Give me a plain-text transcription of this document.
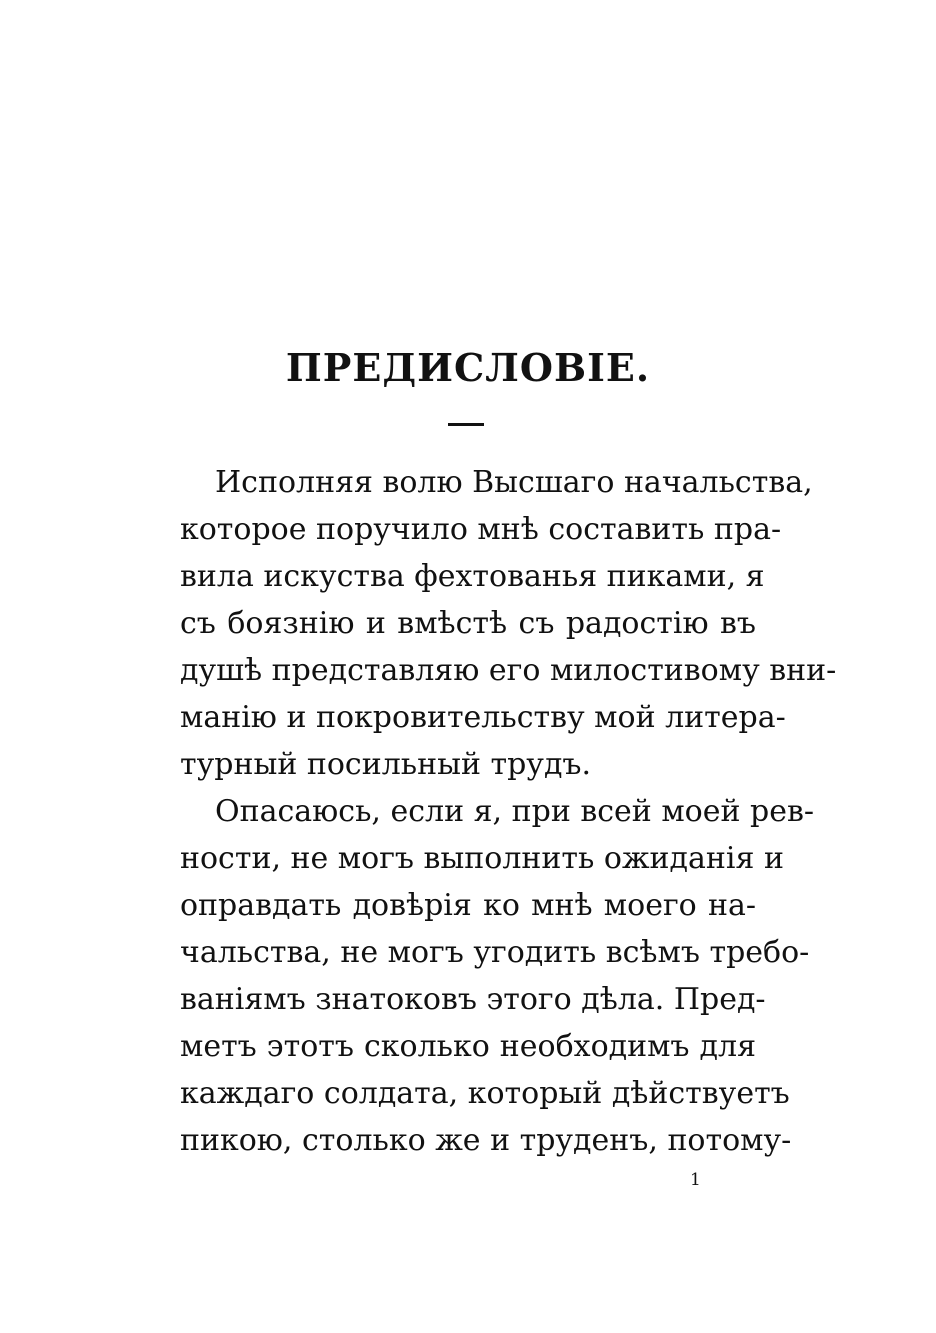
ПРЕДИСЛОВІЕ.
Исполняя волю Высшаго начальства,
которое поручило мнѣ составить пра-
вила искуства фехтованья пиками, я
съ боязнію и вмѣстѣ съ радостію въ
душѣ представляю его милостивому вни-
манію и покровительству мой литера-
турный посильный трудъ.
Опасаюсь, если я, при всей моей рев-
ности, не могъ выполнить ожиданія и
оправдать довѣрія ко мнѣ моего на-
чальства, не могъ угодить всѣмъ требо-
ваніямъ знатоковъ этого дѣла. Пред-
метъ этотъ сколько необходимъ для
каждаго солдата, который дѣйствуетъ
пикою, столько же и труденъ, потому-
1
